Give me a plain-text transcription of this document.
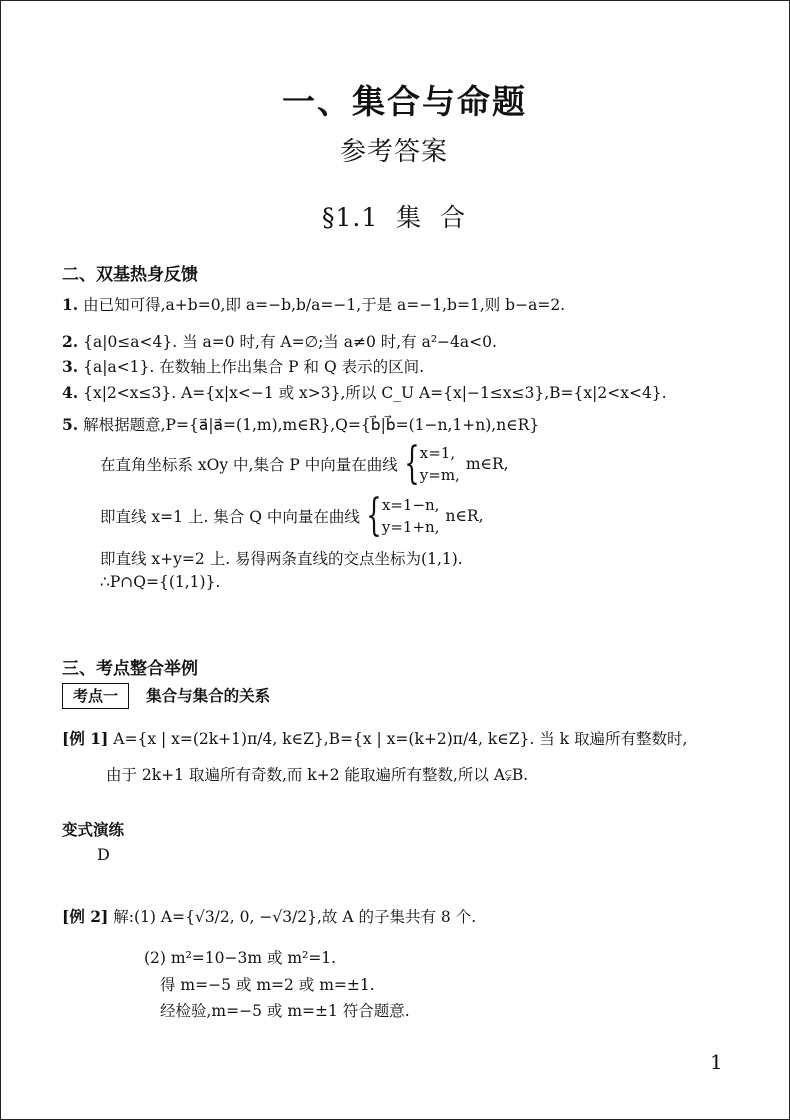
一、集合与命题
参考答案
§1.1  集  合
二、双基热身反馈
1. 由已知可得,a+b=0,即 a=−b,b/a=−1,于是 a=−1,b=1,则 b−a=2.
2. {a|0≤a<4}. 当 a=0 时,有 A=∅;当 a≠0 时,有 a²−4a<0.
3. {a|a<1}. 在数轴上作出集合 P 和 Q 表示的区间.
4. {x|2<x≤3}. A={x|x<−1 或 x>3},所以 C_U A={x|−1≤x≤3},B={x|2<x<4}.
5. 解根据题意,P={a⃗|a⃗=(1,m),m∈R},Q={b⃗|b⃗=(1−n,1+n),n∈R}
在直角坐标系 xOy 中,集合 P 中向量在曲线 { x=1,
y=m,
m∈R,
即直线 x=1 上. 集合 Q 中向量在曲线 { x=1−n,
y=1+n,
n∈R,
即直线 x+y=2 上. 易得两条直线的交点坐标为(1,1).
∴P∩Q={(1,1)}.
三、考点整合举例
考点一 集合与集合的关系
[例 1] A={x | x=(2k+1)π/4, k∈Z},B={x | x=(k+2)π/4, k∈Z}. 当 k 取遍所有整数时,
由于 2k+1 取遍所有奇数,而 k+2 能取遍所有整数,所以 A⫋B.
变式演练
D
[例 2] 解:(1) A={√3/2, 0, −√3/2},故 A 的子集共有 8 个.
(2) m²=10−3m 或 m²=1.
得 m=−5 或 m=2 或 m=±1.
经检验,m=−5 或 m=±1 符合题意.
1
